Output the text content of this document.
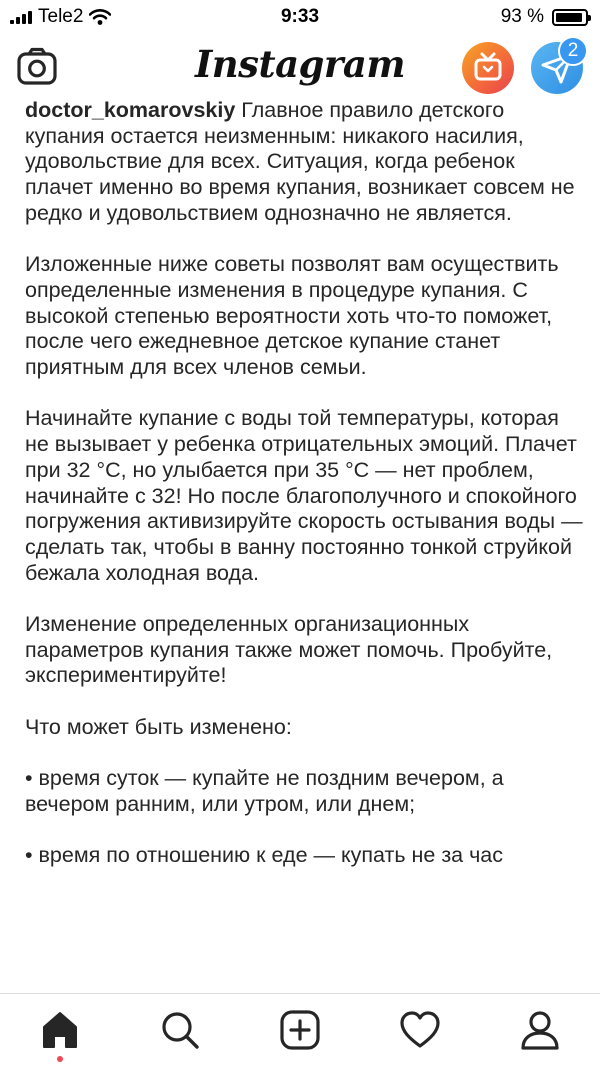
Tele2	9:33	93 %
Instagram	2

doctor_komarovskiy Главное правило детского купания остается неизменным: никакого насилия, удовольствие для всех. Ситуация, когда ребенок плачет именно во время купания, возникает совсем не редко и удовольствием однозначно не является.

Изложенные ниже советы позволят вам осуществить определенные изменения в процедуре купания. С высокой степенью вероятности хоть что-то поможет, после чего ежедневное детское купание станет приятным для всех членов семьи.

Начинайте купание с воды той температуры, которая не вызывает у ребенка отрицательных эмоций. Плачет при 32 °С, но улыбается при 35 °С — нет проблем, начинайте с 32! Но после благополучного и спокойного погружения активизируйте скорость остывания воды — сделать так, чтобы в ванну постоянно тонкой струйкой бежала холодная вода.

Изменение определенных организационных параметров купания также может помочь. Пробуйте, экспериментируйте!

Что может быть изменено:

• время суток — купайте не поздним вечером, а вечером ранним, или утром, или днем;

• время по отношению к еде — купать не за час
